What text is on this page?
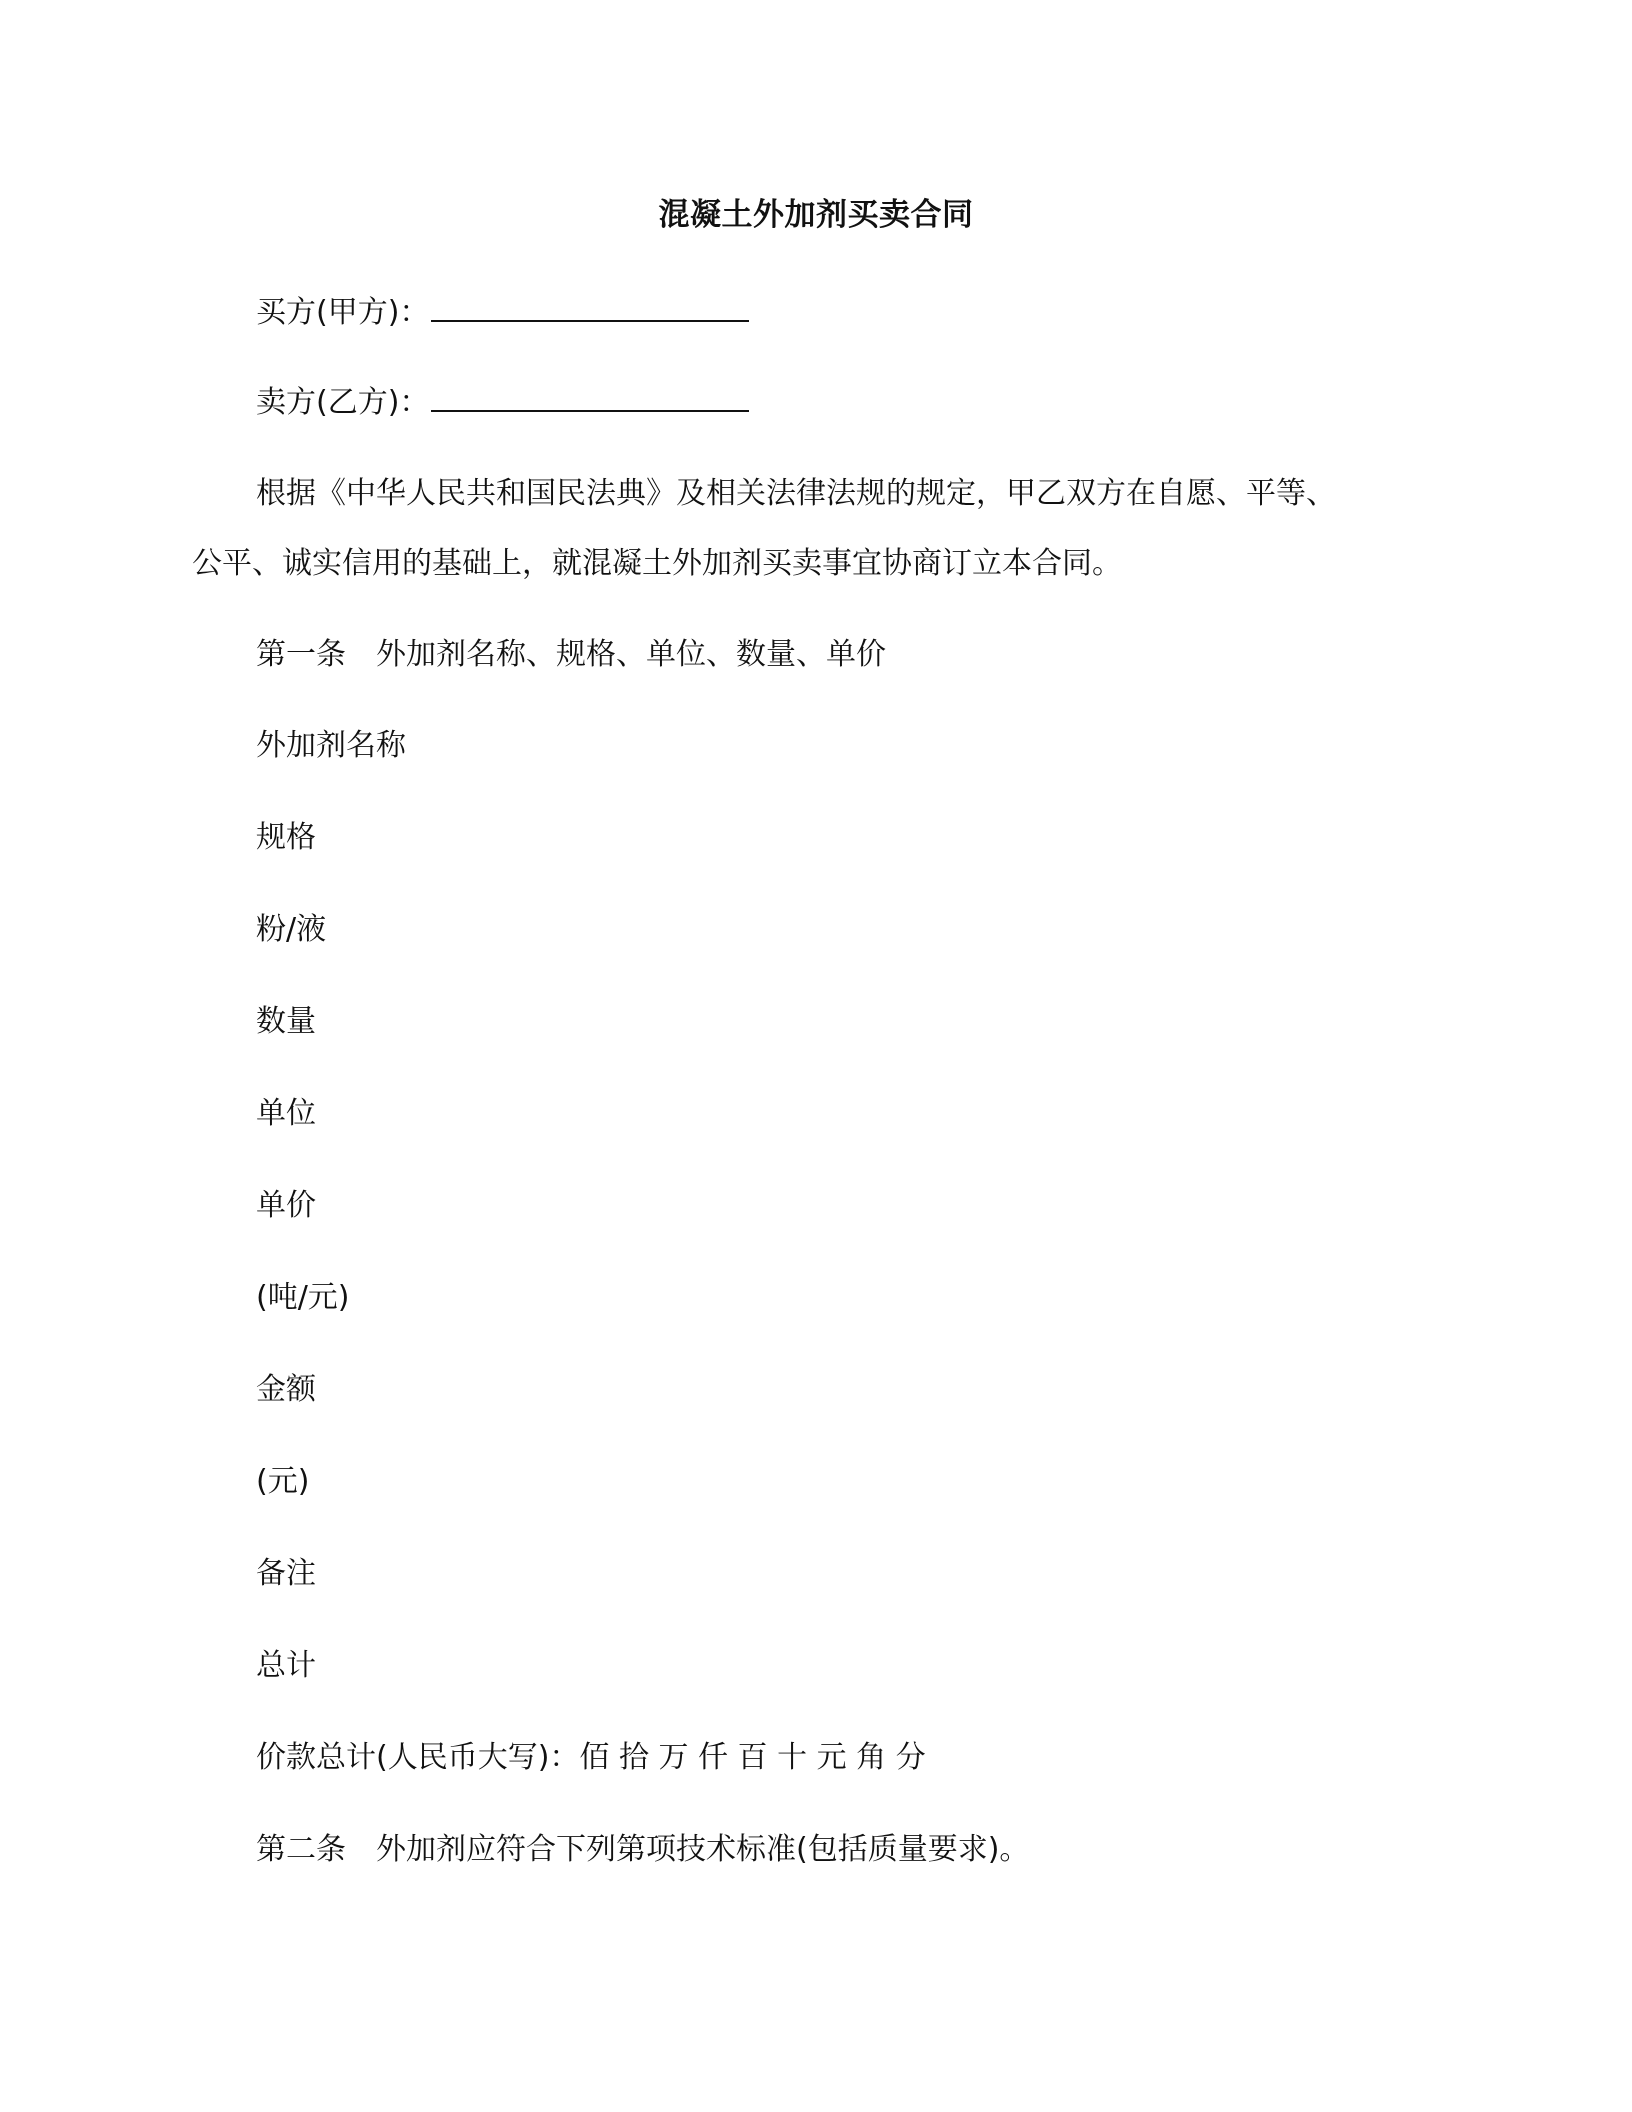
混凝土外加剂买卖合同
买方(甲方)：
卖方(乙方)：
根据《中华人民共和国民法典》及相关法律法规的规定，甲乙双方在自愿、平等、
公平、诚实信用的基础上，就混凝土外加剂买卖事宜协商订立本合同。
第一条 外加剂名称、规格、单位、数量、单价
外加剂名称
规格
粉/液
数量
单位
单价
(吨/元)
金额
(元)
备注
总计
价款总计(人民币大写)：佰 拾 万 仟 百 十 元 角 分
第二条 外加剂应符合下列第项技术标准(包括质量要求)。
